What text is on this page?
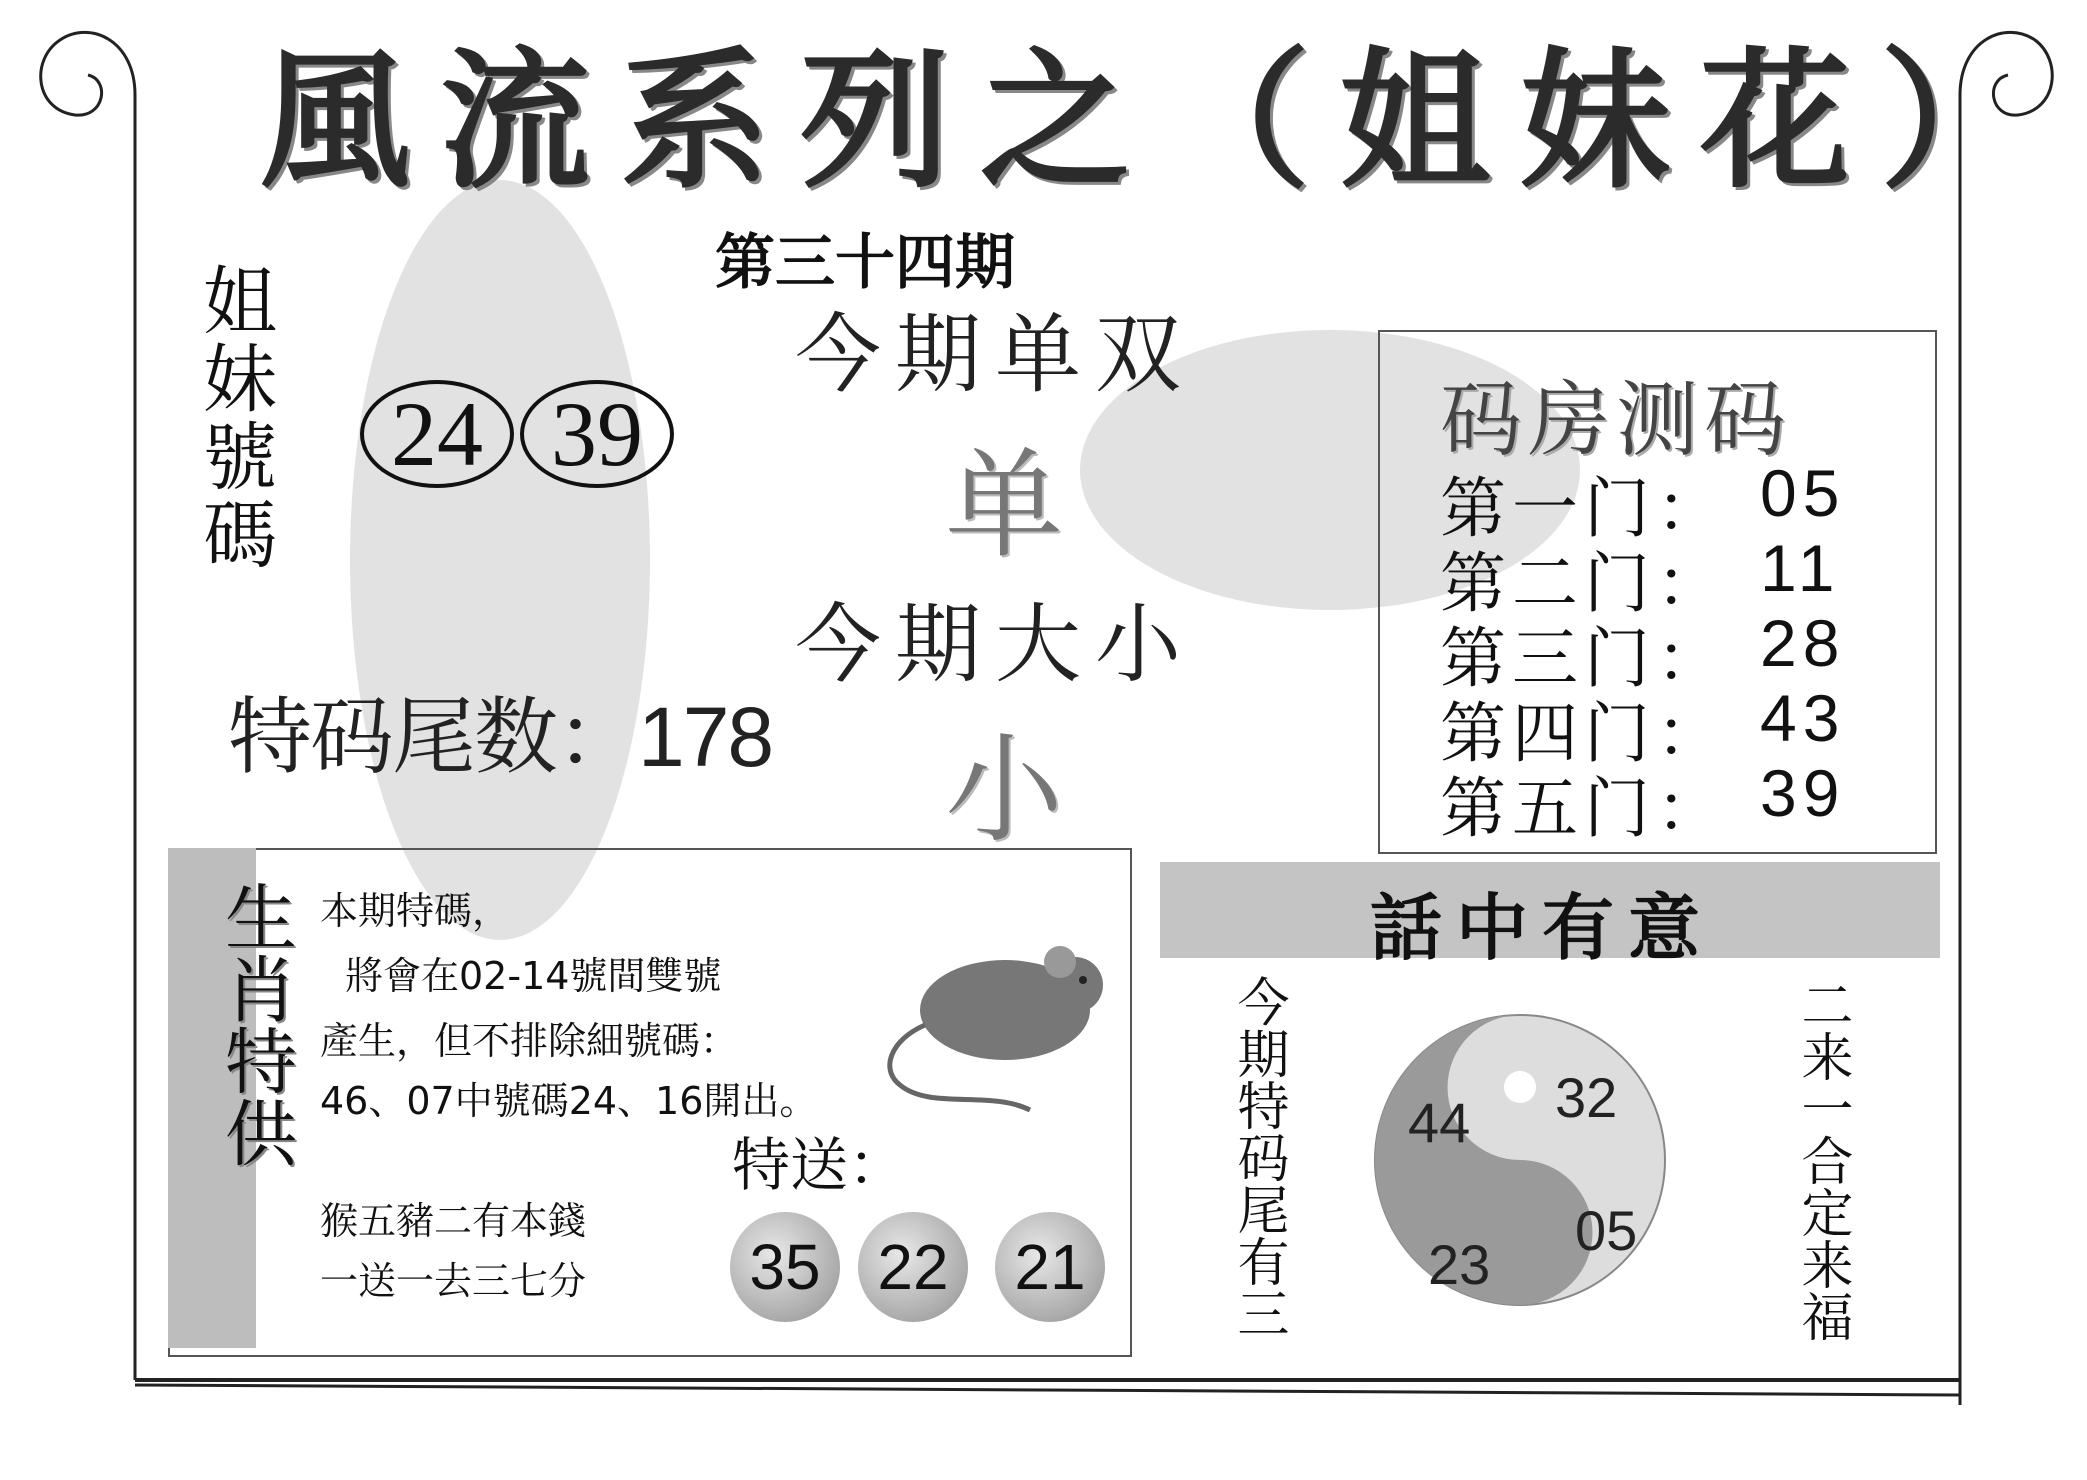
風流系列之（姐妹花）
第三十四期
姐妹號碼	24 39
特码尾数：178
今期单双
单
今期大小
小
码房测码
第一门： 05
第二门： 11
第三门： 28
第四门： 43
第五门： 39
生肖特供 本期特碼，
將會在02-14號間雙號
產生，但不排除細號碼：
46、07中號碼24、16開出。
猴五豬二有本錢
一送一去三七分
特送：
35 22	21
話中有意
今期特码尾有三	二来一合定来福
44 32
23
05
